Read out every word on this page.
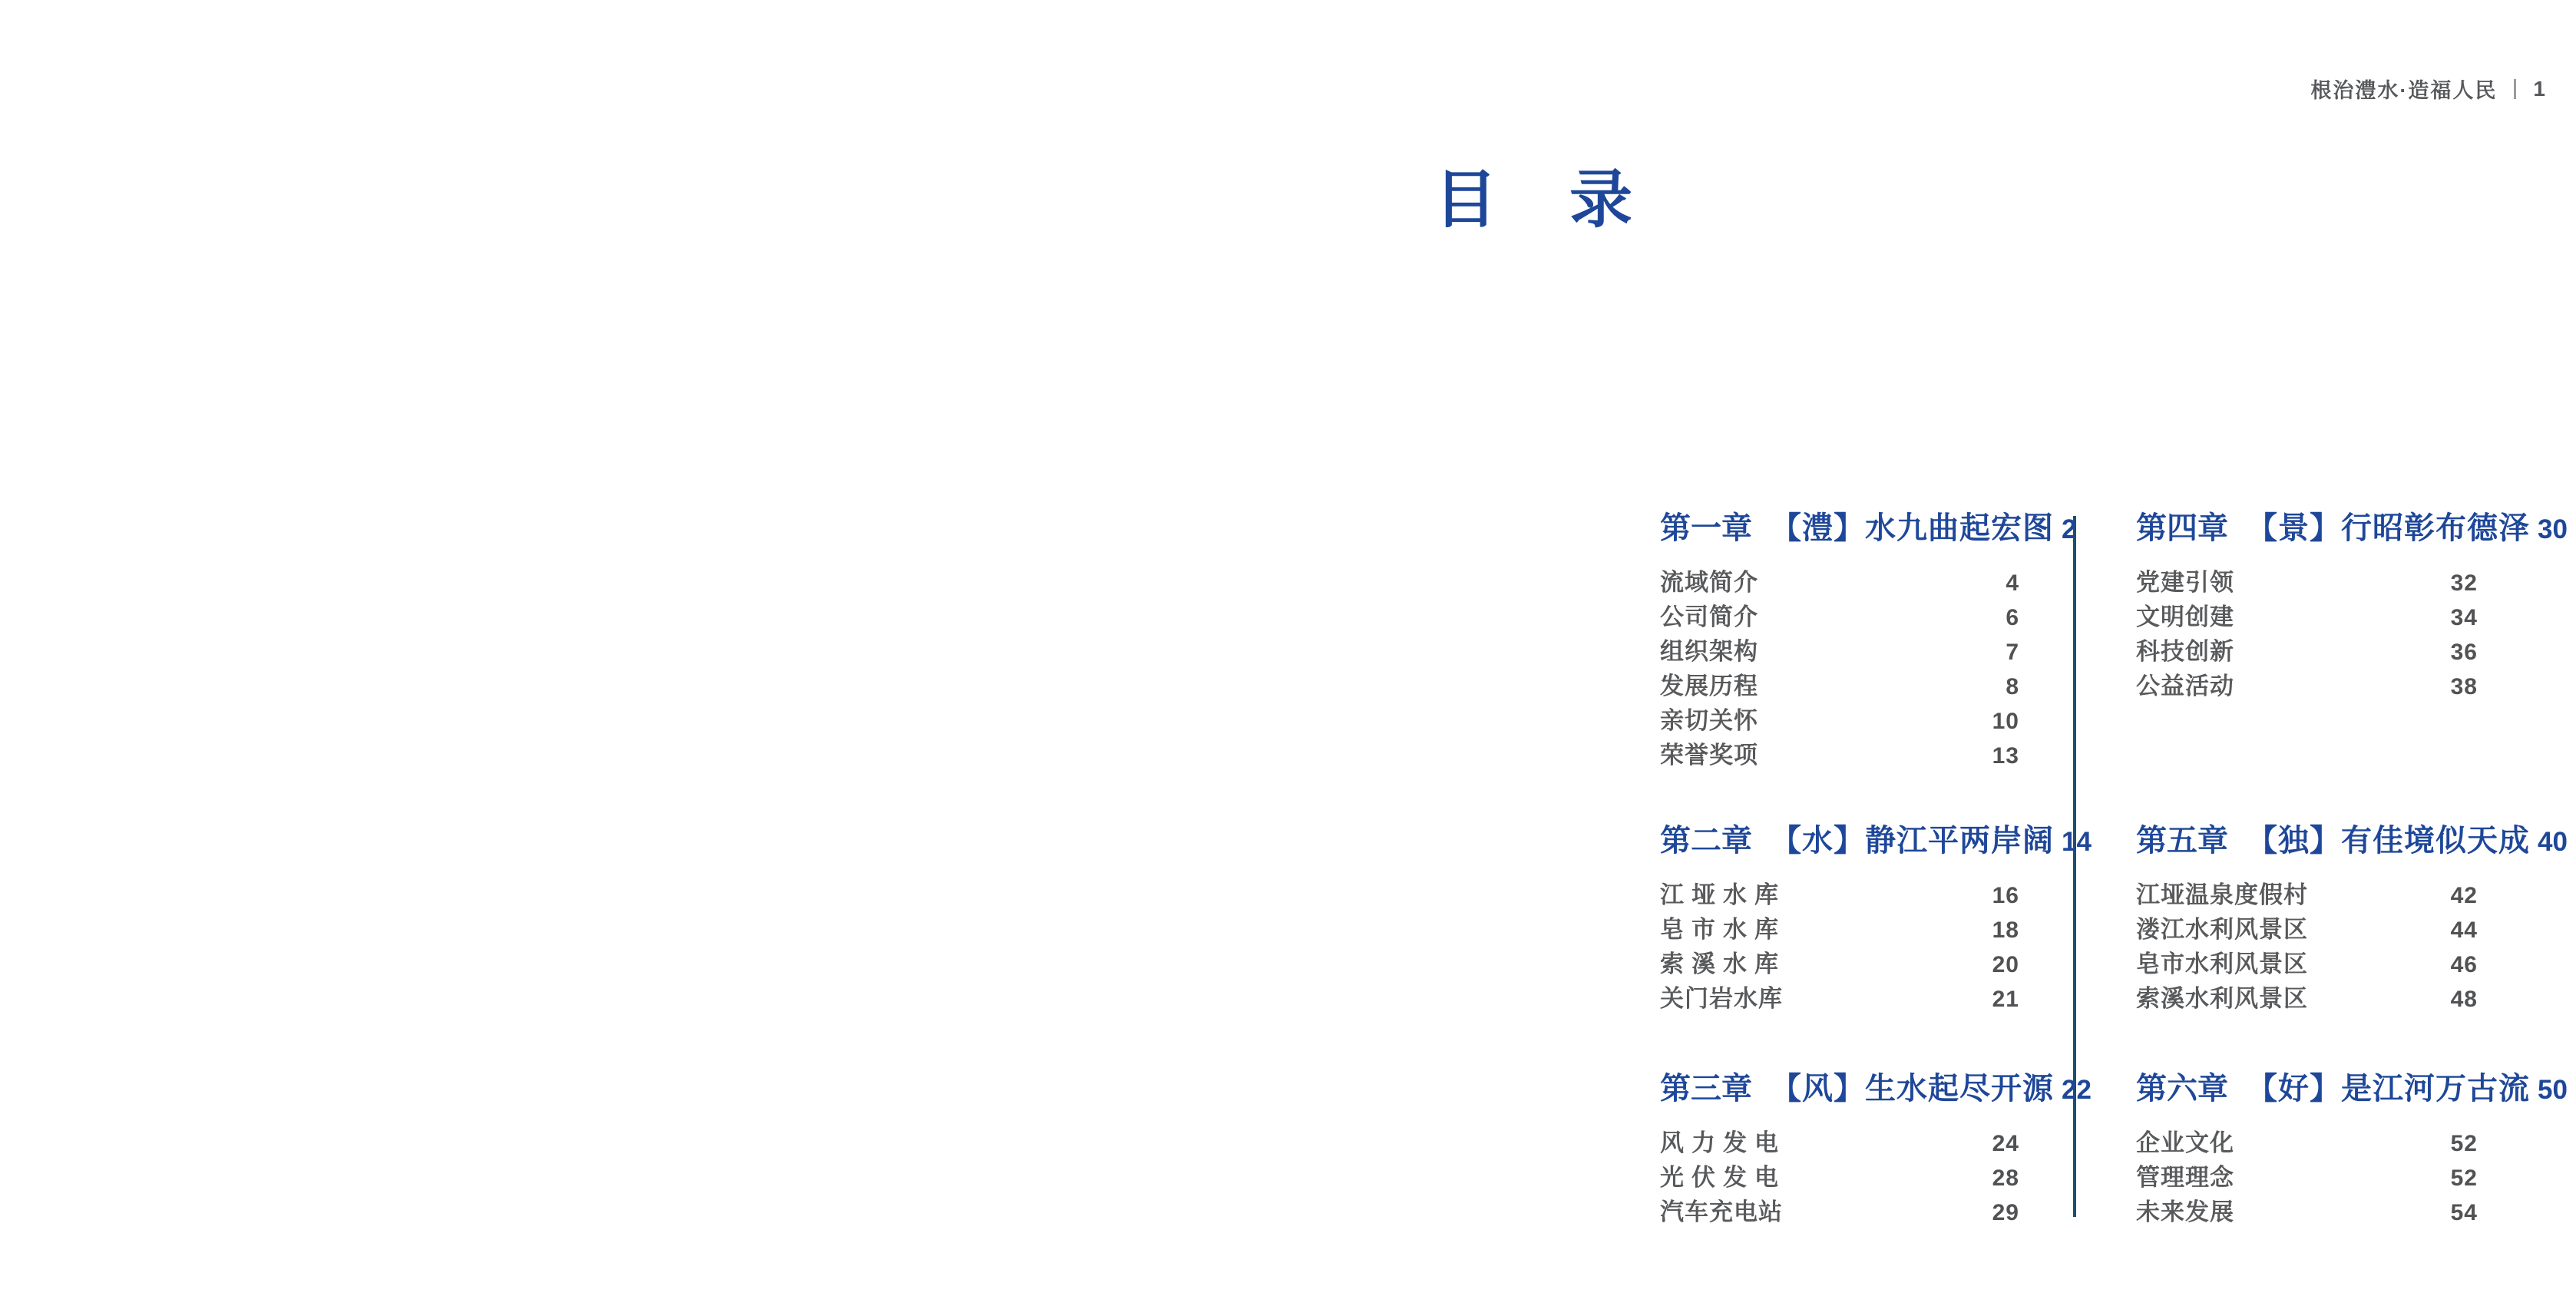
根治澧水·造福人民 1
目　录
第一章 【澧】水九曲起宏图 2
流域简介	4
公司简介	6
组织架构	7
发展历程	8
亲切关怀	10
荣誉奖项	13
第二章 【水】静江平两岸阔 14
江垭水库	16
皂市水库	18
索溪水库	20
关门岩水库	21
第三章 【风】生水起尽开源 22
风力发电	24
光伏发电	28
汽车充电站	29
第四章 【景】行昭彰布德泽 30
党建引领	32
文明创建	34
科技创新	36
公益活动	38
第五章 【独】有佳境似天成 40
江垭温泉度假村	42
溇江水利风景区	44
皂市水利风景区	46
索溪水利风景区	48
第六章 【好】是江河万古流 50
企业文化	52
管理理念	52
未来发展	54
